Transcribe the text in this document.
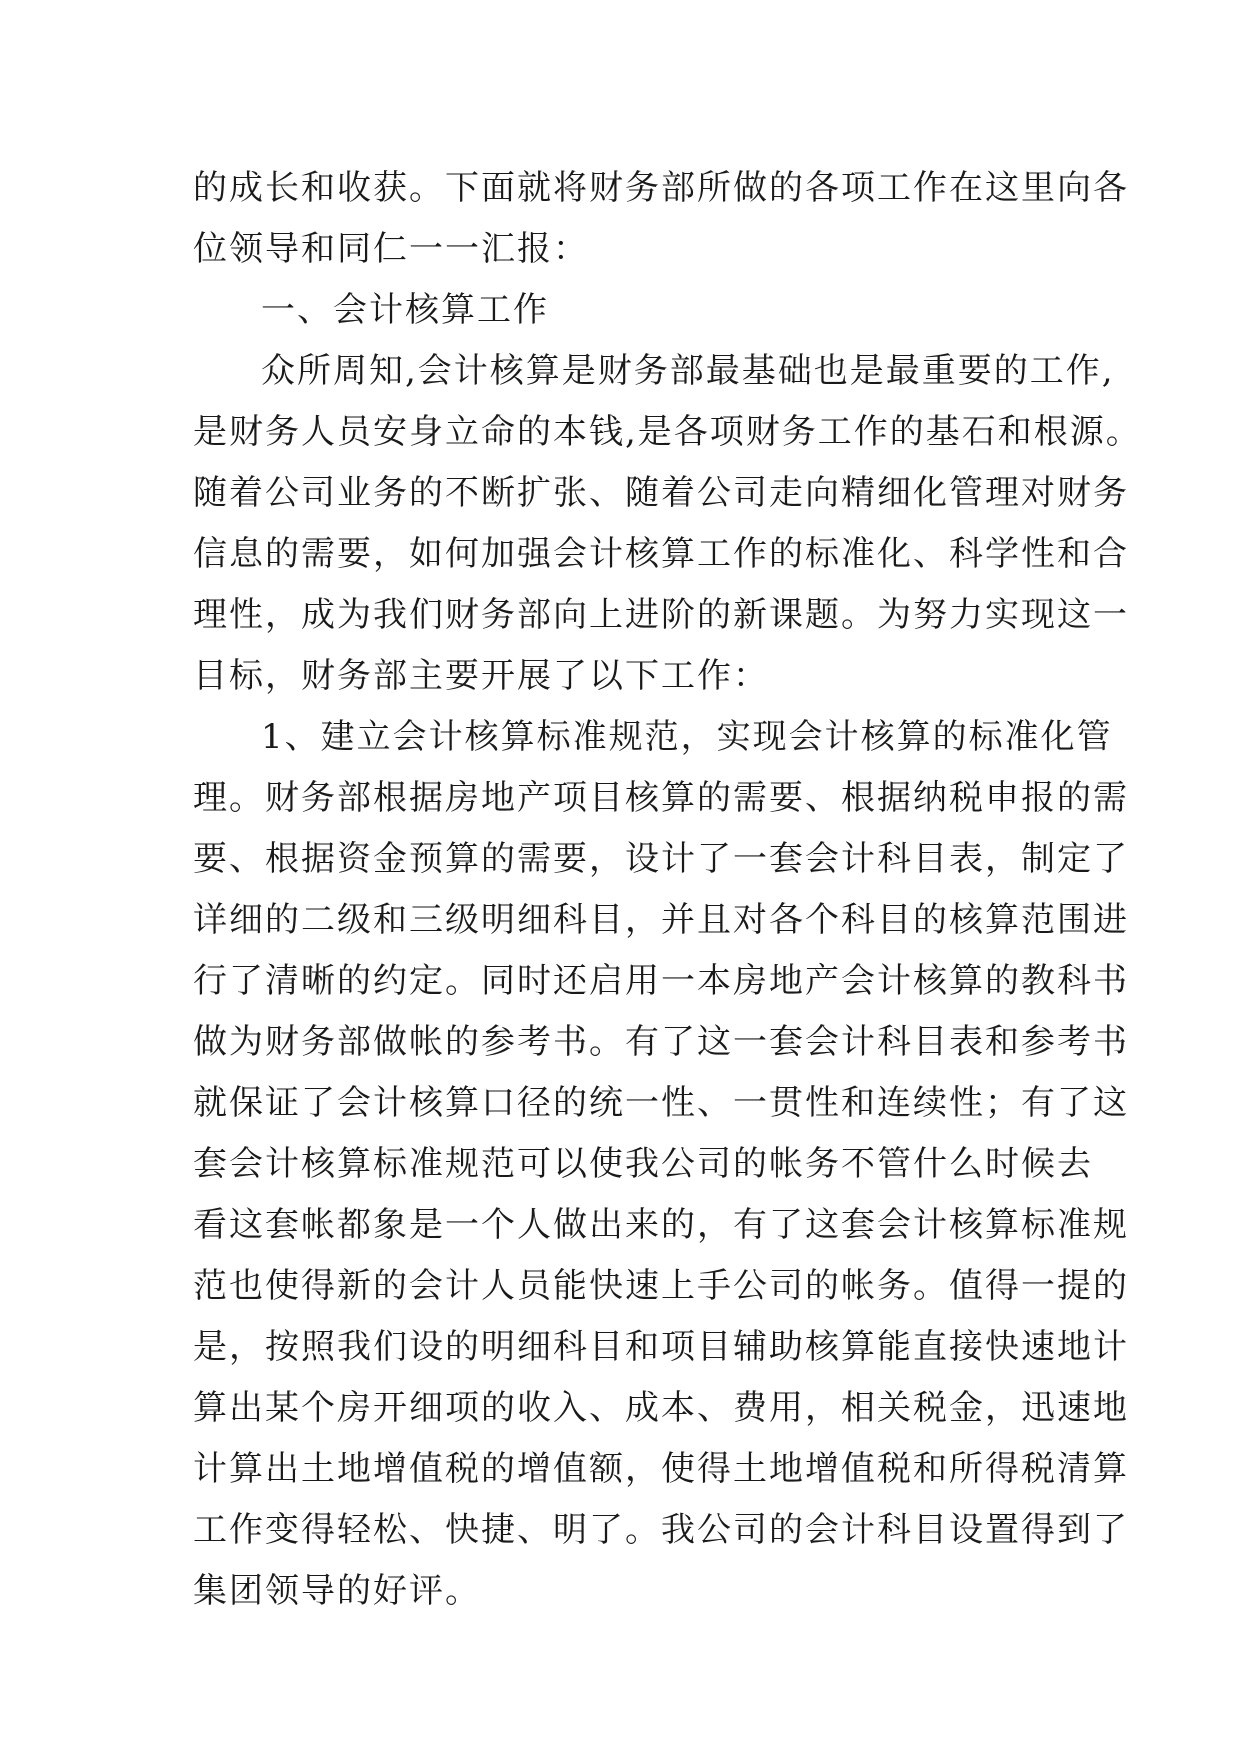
的成长和收获。下面就将财务部所做的各项工作在这里向各
位领导和同仁一一汇报：
一、会计核算工作
众所周知,会计核算是财务部最基础也是最重要的工作,
是财务人员安身立命的本钱,是各项财务工作的基石和根源。
随着公司业务的不断扩张、随着公司走向精细化管理对财务
信息的需要，如何加强会计核算工作的标准化、科学性和合
理性，成为我们财务部向上进阶的新课题。为努力实现这一
目标，财务部主要开展了以下工作：
1、建立会计核算标准规范，实现会计核算的标准化管
理。财务部根据房地产项目核算的需要、根据纳税申报的需
要、根据资金预算的需要，设计了一套会计科目表，制定了
详细的二级和三级明细科目，并且对各个科目的核算范围进
行了清晰的约定。同时还启用一本房地产会计核算的教科书
做为财务部做帐的参考书。有了这一套会计科目表和参考书
就保证了会计核算口径的统一性、一贯性和连续性；有了这
套会计核算标准规范可以使我公司的帐务不管什么时候去
看这套帐都象是一个人做出来的，有了这套会计核算标准规
范也使得新的会计人员能快速上手公司的帐务。值得一提的
是，按照我们设的明细科目和项目辅助核算能直接快速地计
算出某个房开细项的收入、成本、费用，相关税金，迅速地
计算出土地增值税的增值额，使得土地增值税和所得税清算
工作变得轻松、快捷、明了。我公司的会计科目设置得到了
集团领导的好评。
